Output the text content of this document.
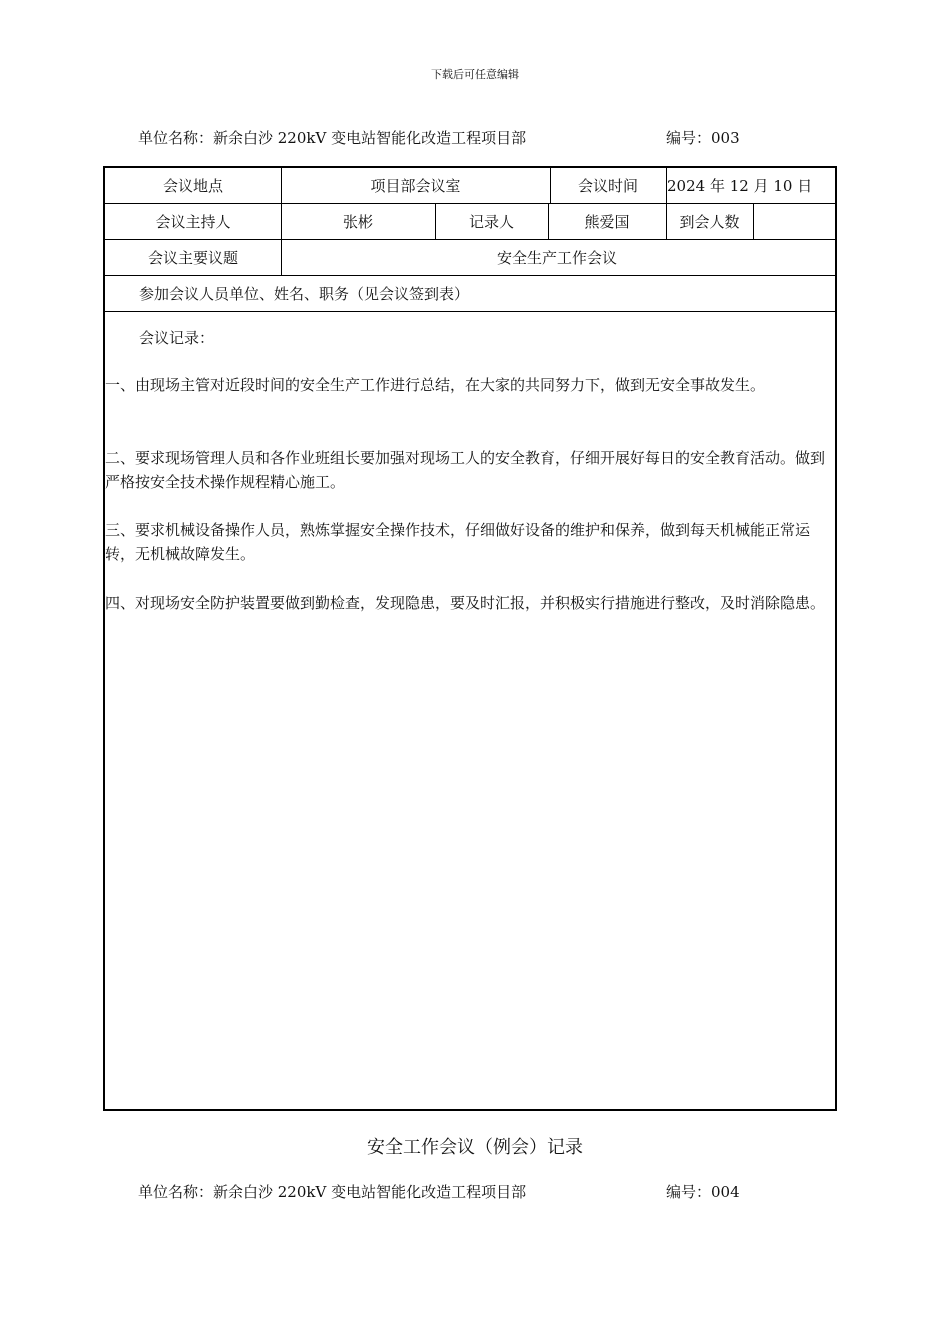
下载后可任意编辑
单位名称：新余白沙 220kV 变电站智能化改造工程项目部	编号：003
会议地点	项目部会议室	会议时间	2024 年 12 月 10 日
会议主持人	张彬	记录人	熊爱国	到会人数
会议主要议题	安全生产工作会议
参加会议人员单位、姓名、职务（见会议签到表）
会议记录：
一、由现场主管对近段时间的安全生产工作进行总结，在大家的共同努力下，做到无安全事故发生。
二、要求现场管理人员和各作业班组长要加强对现场工人的安全教育，仔细开展好每日的安全教育活动。做到严格按安全技术操作规程精心施工。
三、要求机械设备操作人员，熟炼掌握安全操作技术，仔细做好设备的维护和保养，做到每天机械能正常运转，无机械故障发生。
四、对现场安全防护装置要做到勤检查，发现隐患，要及时汇报，并积极实行措施进行整改，及时消除隐患。
安全工作会议（例会）记录
单位名称：新余白沙 220kV 变电站智能化改造工程项目部	编号：004
